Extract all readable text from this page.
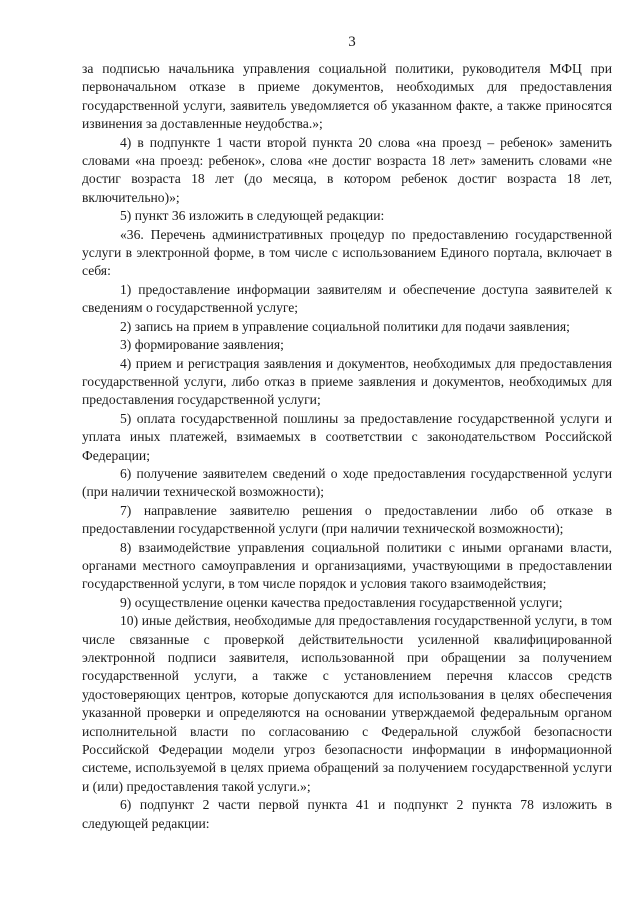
3

за подписью начальника управления социальной политики, руководителя МФЦ при первоначальном отказе в приеме документов, необходимых для предоставления государственной услуги, заявитель уведомляется об указанном факте, а также приносятся извинения за доставленные неудобства.»;

4) в подпункте 1 части второй пункта 20 слова «на проезд – ребенок» заменить словами «на проезд: ребенок», слова «не достиг возраста 18 лет» заменить словами «не достиг возраста 18 лет (до месяца, в котором ребенок достиг возраста 18 лет, включительно)»;

5) пункт 36 изложить в следующей редакции:

«36. Перечень административных процедур по предоставлению государственной услуги в электронной форме, в том числе с использованием Единого портала, включает в себя:

1) предоставление информации заявителям и обеспечение доступа заявителей к сведениям о государственной услуге;

2) запись на прием в управление социальной политики для подачи заявления;

3) формирование заявления;

4) прием и регистрация заявления и документов, необходимых для предоставления государственной услуги, либо отказ в приеме заявления и документов, необходимых для предоставления государственной услуги;

5) оплата государственной пошлины за предоставление государственной услуги и уплата иных платежей, взимаемых в соответствии с законодательством Российской Федерации;

6) получение заявителем сведений о ходе предоставления государственной услуги (при наличии технической возможности);

7) направление заявителю решения о предоставлении либо об отказе в предоставлении государственной услуги (при наличии технической возможности);

8) взаимодействие управления социальной политики с иными органами власти, органами местного самоуправления и организациями, участвующими в предоставлении государственной услуги, в том числе порядок и условия такого взаимодействия;

9) осуществление оценки качества предоставления государственной услуги;

10) иные действия, необходимые для предоставления государственной услуги, в том числе связанные с проверкой действительности усиленной квалифицированной электронной подписи заявителя, использованной при обращении за получением государственной услуги, а также с установлением перечня классов средств удостоверяющих центров, которые допускаются для использования в целях обеспечения указанной проверки и определяются на основании утверждаемой федеральным органом исполнительной власти по согласованию с Федеральной службой безопасности Российской Федерации модели угроз безопасности информации в информационной системе, используемой в целях приема обращений за получением государственной услуги и (или) предоставления такой услуги.»;

6) подпункт 2 части первой пункта 41 и подпункт 2 пункта 78 изложить в следующей редакции:
